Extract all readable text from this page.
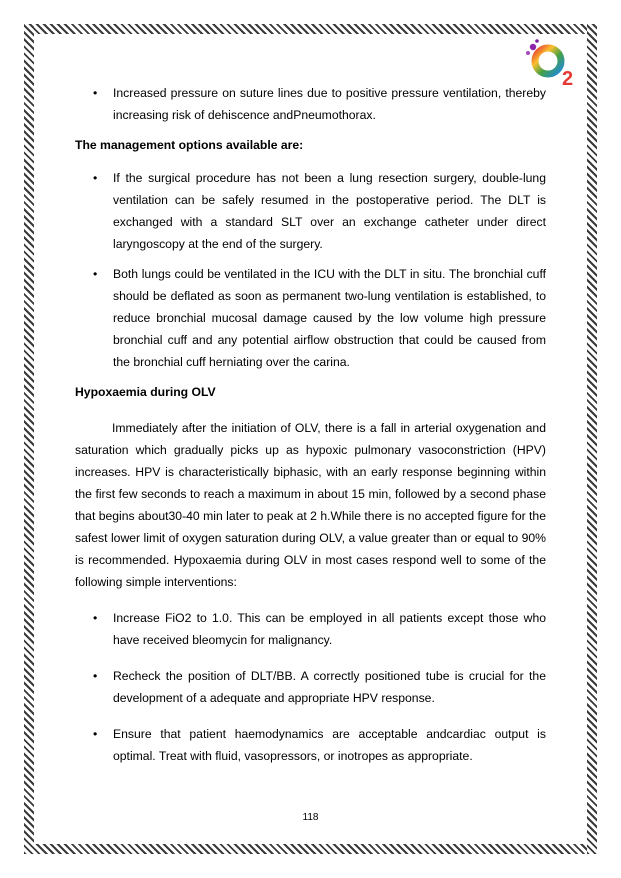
2
• Increased pressure on suture lines due to positive pressure ventilation, thereby increasing risk of dehiscence andPneumothorax.

The management options available are:

• If the surgical procedure has not been a lung resection surgery, double-lung ventilation can be safely resumed in the postoperative period. The DLT is exchanged with a standard SLT over an exchange catheter under direct laryngoscopy at the end of the surgery.
• Both lungs could be ventilated in the ICU with the DLT in situ. The bronchial cuff should be deflated as soon as permanent two-lung ventilation is established, to reduce bronchial mucosal damage caused by the low volume high pressure bronchial cuff and any potential airflow obstruction that could be caused from the bronchial cuff herniating over the carina.

Hypoxaemia during OLV

Immediately after the initiation of OLV, there is a fall in arterial oxygenation and saturation which gradually picks up as hypoxic pulmonary vasoconstriction (HPV) increases. HPV is characteristically biphasic, with an early response beginning within the first few seconds to reach a maximum in about 15 min, followed by a second phase that begins about30-40 min later to peak at 2 h.While there is no accepted figure for the safest lower limit of oxygen saturation during OLV, a value greater than or equal to 90% is recommended. Hypoxaemia during OLV in most cases respond well to some of the following simple interventions:

• Increase FiO2 to 1.0. This can be employed in all patients except those who have received bleomycin for malignancy.
• Recheck the position of DLT/BB. A correctly positioned tube is crucial for the development of a adequate and appropriate HPV response.
• Ensure that patient haemodynamics are acceptable andcardiac output is optimal. Treat with fluid, vasopressors, or inotropes as appropriate.
118
